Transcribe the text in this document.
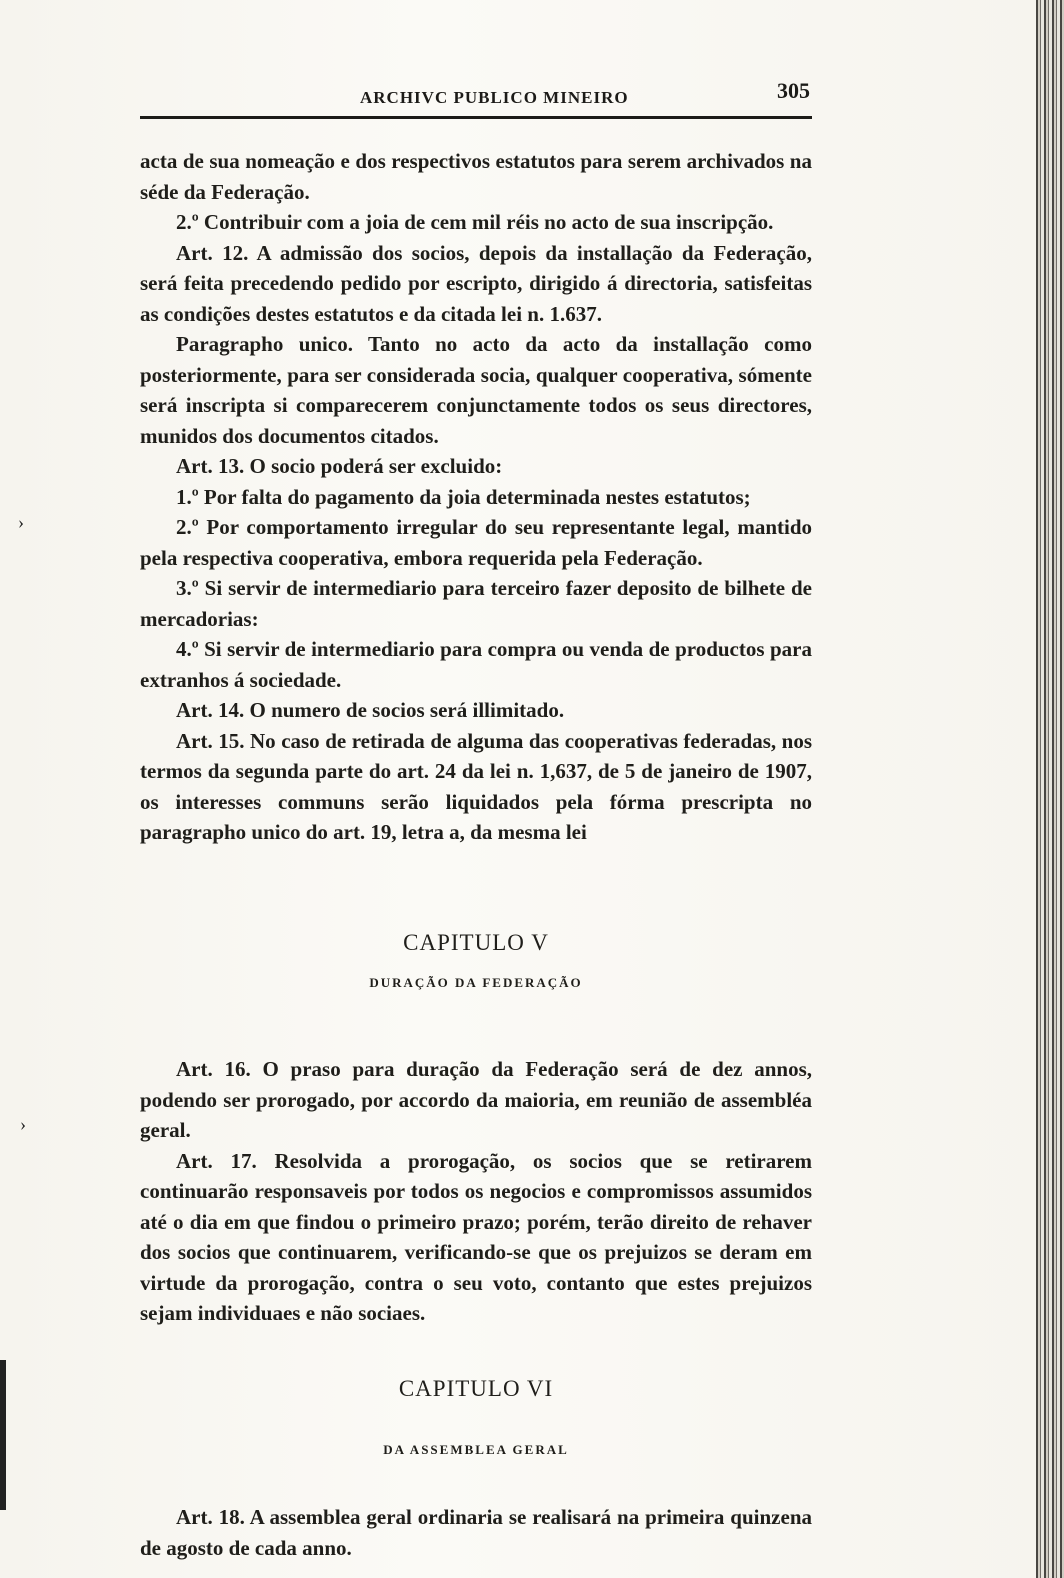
›
›
ARCHIVC PUBLICO MINEIRO	305

acta de sua nomeação e dos respectivos estatutos para serem archivados na séde da Federação.

2.º Contribuir com a joia de cem mil réis no acto de sua inscripção.

Art. 12. A admissão dos socios, depois da installação da Federação, será feita precedendo pedido por escripto, dirigido á directoria, satisfeitas as condições destes estatutos e da citada lei n. 1.637.

Paragrapho unico. Tanto no acto da acto da installação como posteriormente, para ser considerada socia, qualquer cooperativa, sómente será inscripta si comparecerem conjunctamente todos os seus directores, munidos dos documentos citados.

Art. 13. O socio poderá ser excluido:

1.º Por falta do pagamento da joia determinada nestes estatutos;

2.º Por comportamento irregular do seu representante legal, mantido pela respectiva cooperativa, embora requerida pela Federação.

3.º Si servir de intermediario para terceiro fazer deposito de bilhete de mercadorias:

4.º Si servir de intermediario para compra ou venda de productos para extranhos á sociedade.

Art. 14. O numero de socios será illimitado.

Art. 15. No caso de retirada de alguma das cooperativas federadas, nos termos da segunda parte do art. 24 da lei n. 1,637, de 5 de janeiro de 1907, os interesses communs serão liquidados pela fórma prescripta no paragrapho unico do art. 19, letra a, da mesma lei

CAPITULO V
DURAÇÃO DA FEDERAÇÃO

Art. 16. O praso para duração da Federação será de dez annos, podendo ser prorogado, por accordo da maioria, em reunião de assembléa geral.

Art. 17. Resolvida a prorogação, os socios que se retirarem continuarão responsaveis por todos os negocios e compromissos assumidos até o dia em que findou o primeiro prazo; porém, terão direito de rehaver dos socios que continuarem, verificando-se que os prejuizos se deram em virtude da prorogação, contra o seu voto, contanto que estes prejuizos sejam individuaes e não sociaes.

CAPITULO VI
DA ASSEMBLEA GERAL

Art. 18. A assemblea geral ordinaria se realisará na primeira quinzena de agosto de cada anno.
